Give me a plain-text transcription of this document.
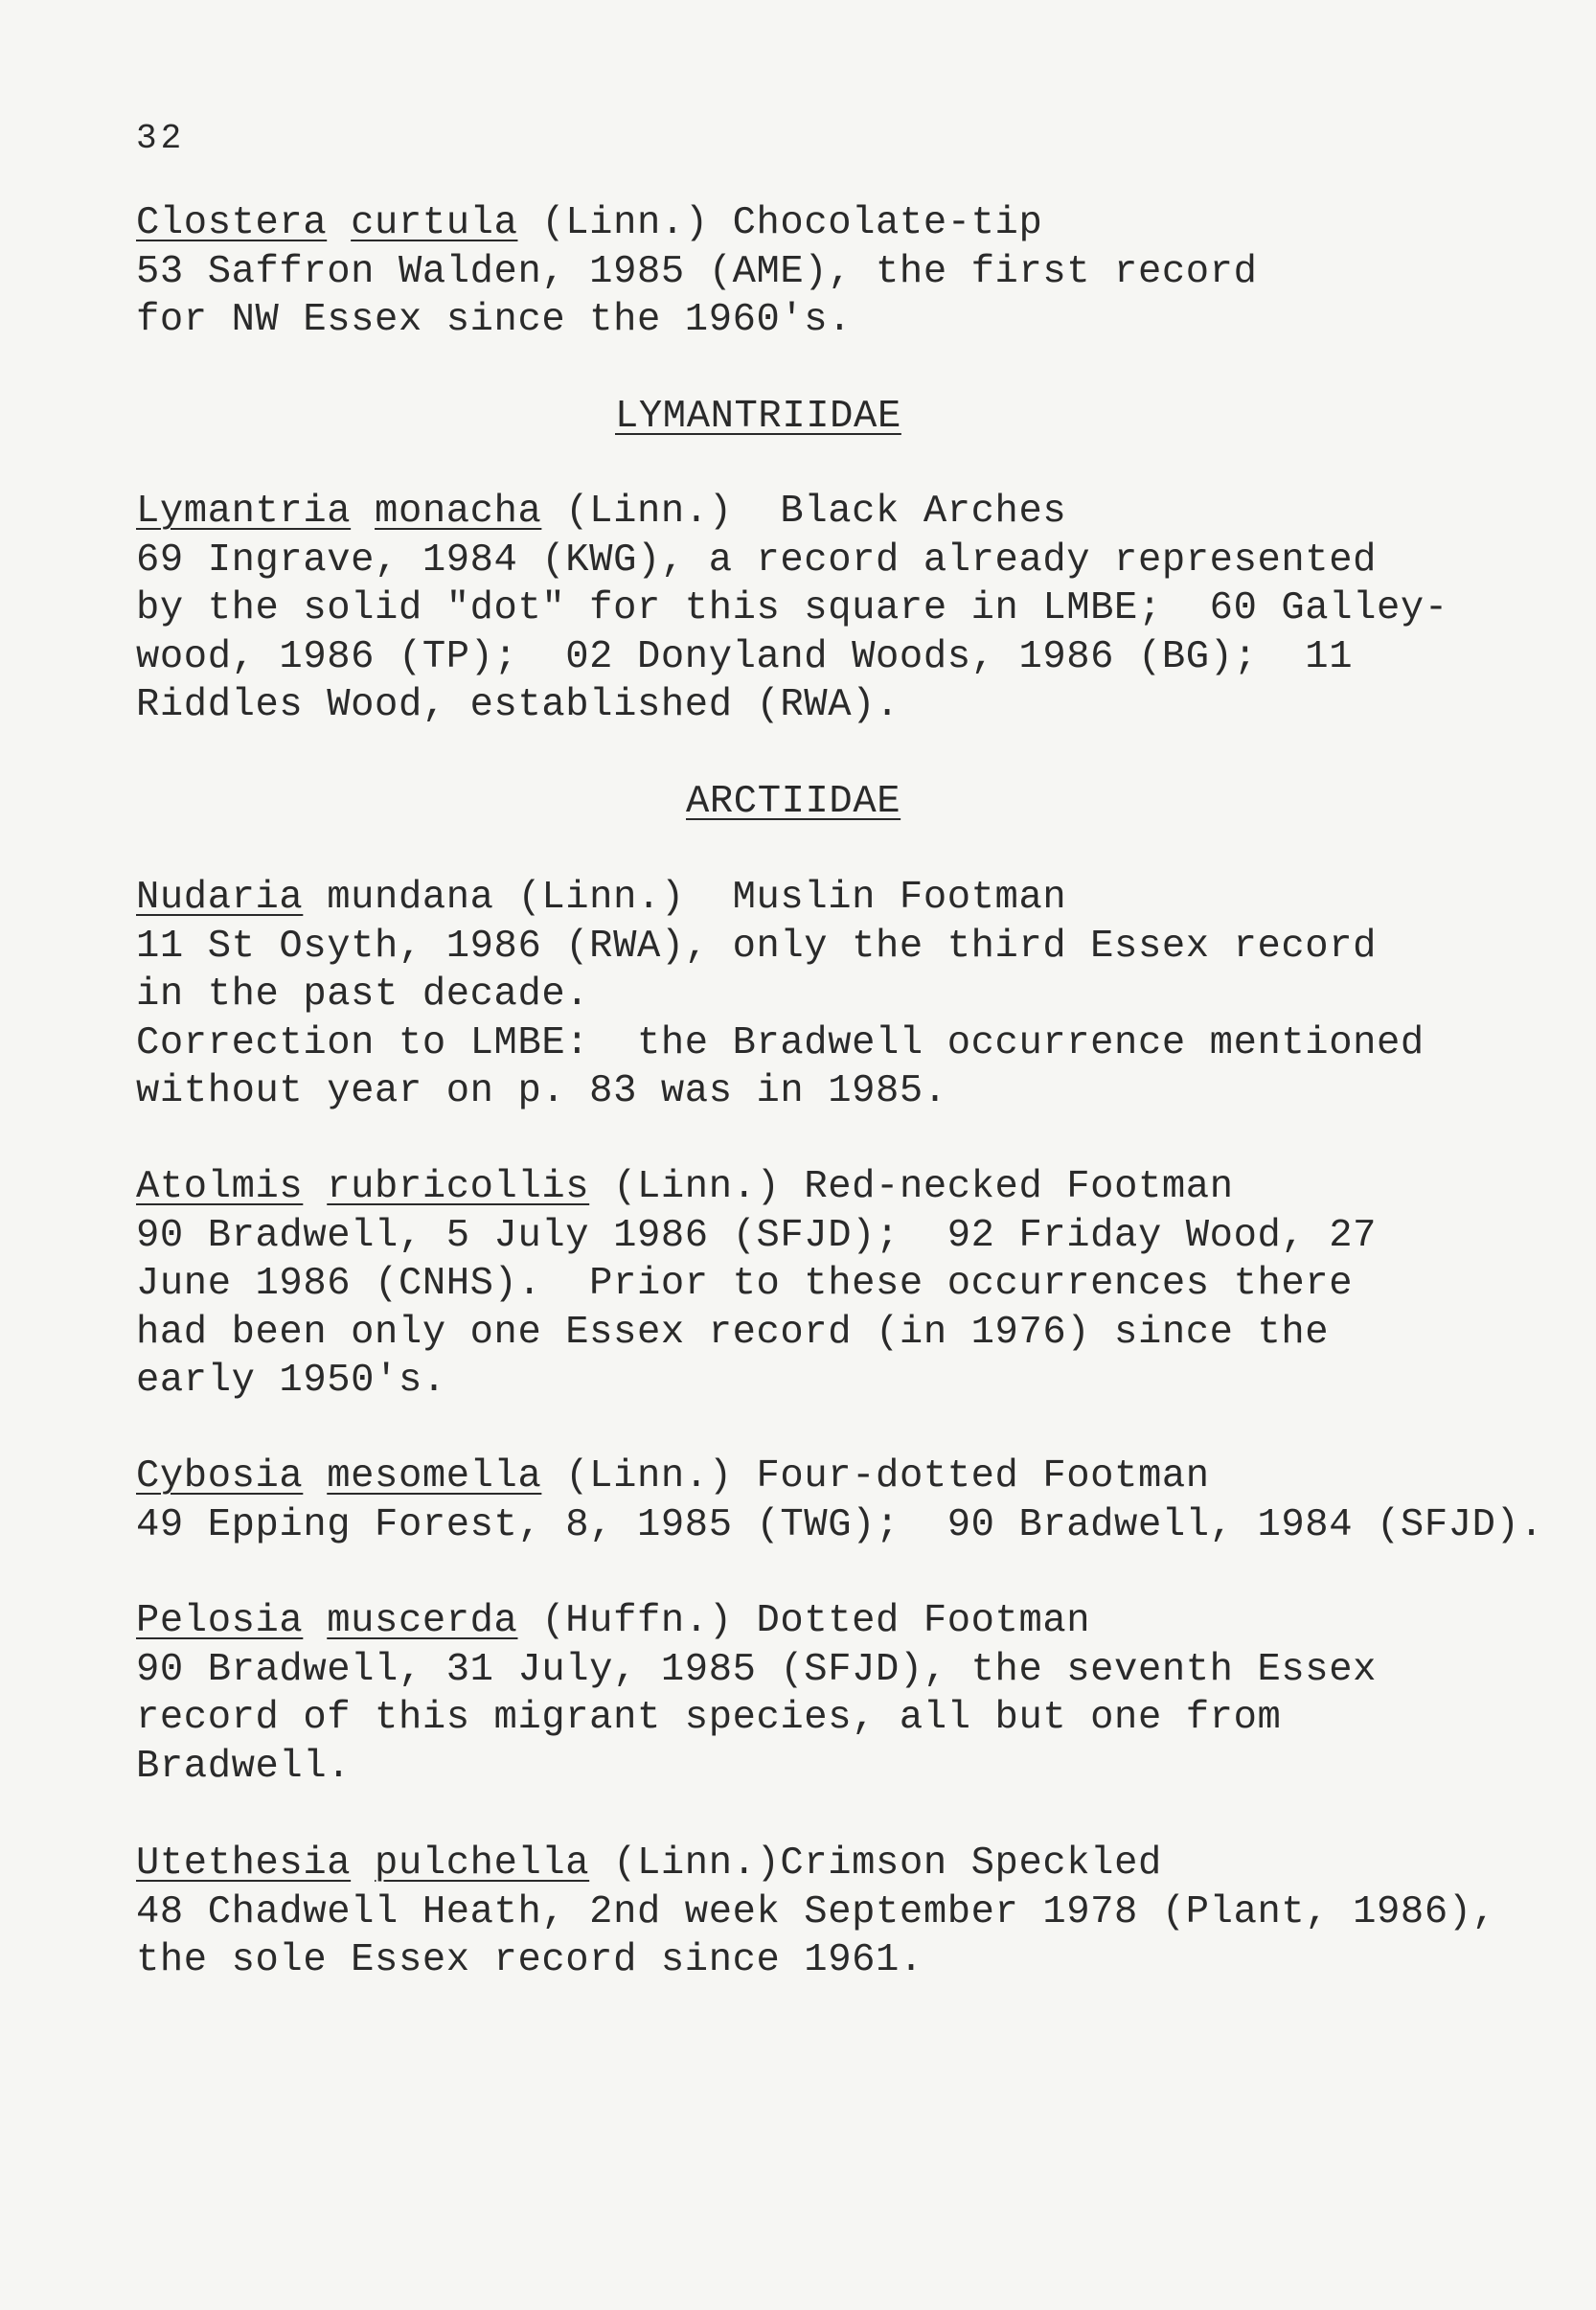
32
Clostera curtula (Linn.) Chocolate-tip
53 Saffron Walden, 1985 (AME), the first record
for NW Essex since the 1960's.
LYMANTRIIDAE
Lymantria monacha (Linn.) Black Arches
69 Ingrave, 1984 (KWG), a record already represented
by the solid "dot" for this square in LMBE;  60 Galley-
wood, 1986 (TP);  02 Donyland Woods, 1986 (BG);  11
Riddles Wood, established (RWA).
ARCTIIDAE
Nudaria mundana (Linn.) Muslin Footman
11 St Osyth, 1986 (RWA), only the third Essex record
in the past decade.
Correction to LMBE:  the Bradwell occurrence mentioned
without year on p. 83 was in 1985.
Atolmis rubricollis (Linn.) Red-necked Footman
90 Bradwell, 5 July 1986 (SFJD);  92 Friday Wood, 27
June 1986 (CNHS).  Prior to these occurrences there
had been only one Essex record (in 1976) since the
early 1950's.
Cybosia mesomella (Linn.) Four-dotted Footman
49 Epping Forest, 8, 1985 (TWG);  90 Bradwell, 1984 (SFJD).
Pelosia muscerda (Huffn.) Dotted Footman
90 Bradwell, 31 July, 1985 (SFJD), the seventh Essex
record of this migrant species, all but one from
Bradwell.
Utethesia pulchella (Linn.)Crimson Speckled
48 Chadwell Heath, 2nd week September 1978 (Plant, 1986),
the sole Essex record since 1961.
